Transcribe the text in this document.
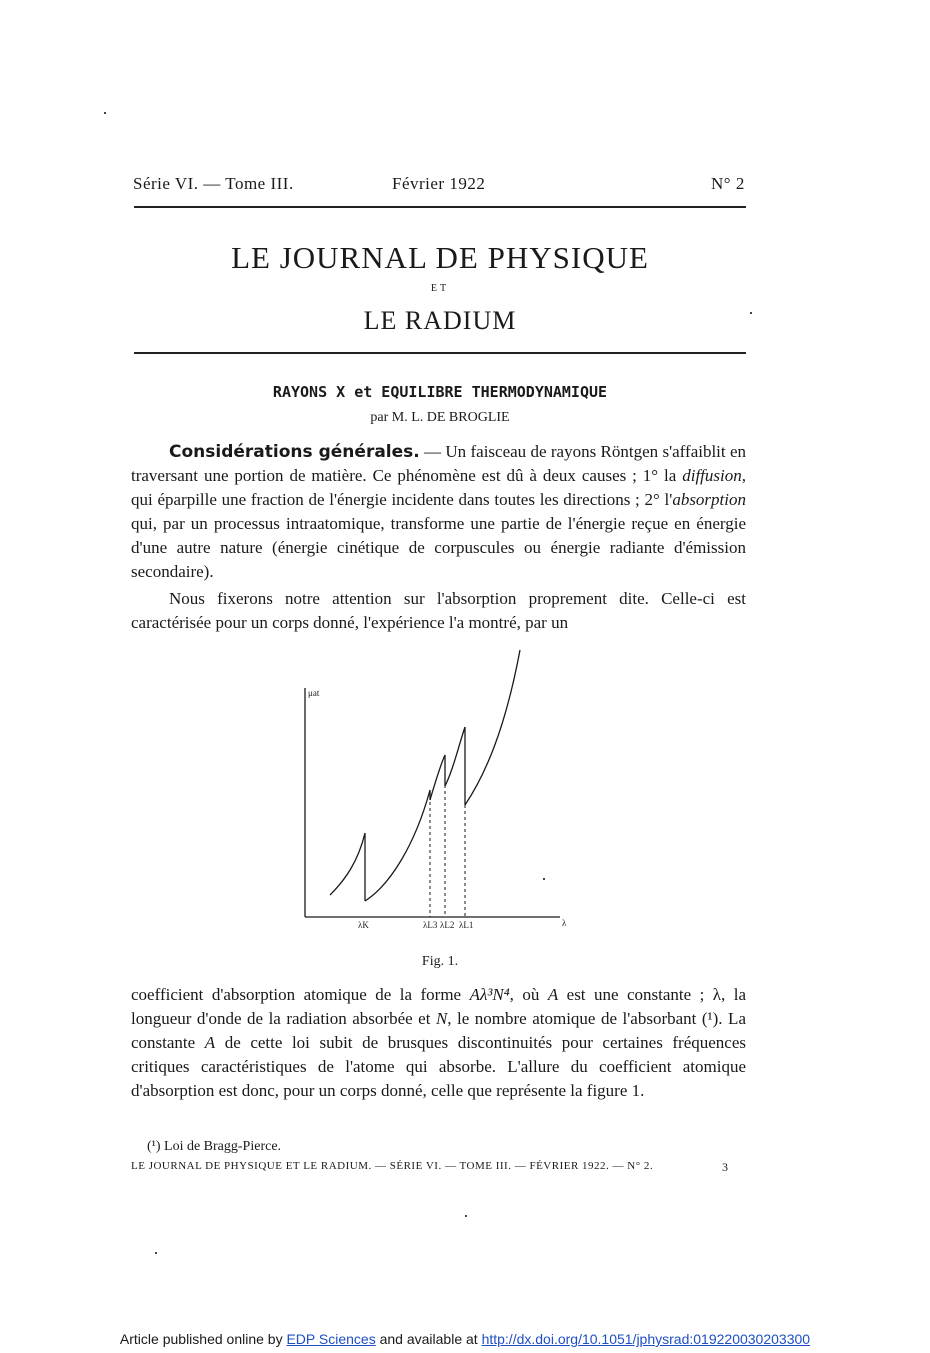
Série VI. — Tome III.	Février 1922	N° 2
LE JOURNAL DE PHYSIQUE
ET
LE RADIUM
RAYONS X et EQUILIBRE THERMODYNAMIQUE
par M. L. DE BROGLIE
Considérations générales. — Un faisceau de rayons Röntgen s'affaiblit en traversant une portion de matière. Ce phénomène est dû à deux causes ; 1° la diffusion, qui éparpille une fraction de l'énergie incidente dans toutes les directions ; 2° l'absorption qui, par un processus intraatomique, transforme une partie de l'énergie reçue en énergie d'une autre nature (énergie cinétique de corpuscules ou énergie radiante d'émission secondaire).
Nous fixerons notre attention sur l'absorption proprement dite. Celle-ci est caractérisée pour un corps donné, l'expérience l'a montré, par un
μat
λ
λK	λL3 λL2 λL1
Fig. 1.
coefficient d'absorption atomique de la forme Aλ³N⁴, où A est une constante ; λ, la longueur d'onde de la radiation absorbée et N, le nombre atomique de l'absorbant (¹). La constante A de cette loi subit de brusques discontinuités pour certaines fréquences critiques caractéristiques de l'atome qui absorbe. L'allure du coefficient atomique d'absorption est donc, pour un corps donné, celle que représente la figure 1.
(¹) Loi de Bragg-Pierce.
LE JOURNAL DE PHYSIQUE ET LE RADIUM. — SÉRIE VI. — TOME III. — FÉVRIER 1922. — N° 2.	3
Article published online by EDP Sciences and available at http://dx.doi.org/10.1051/jphysrad:019220030203300
